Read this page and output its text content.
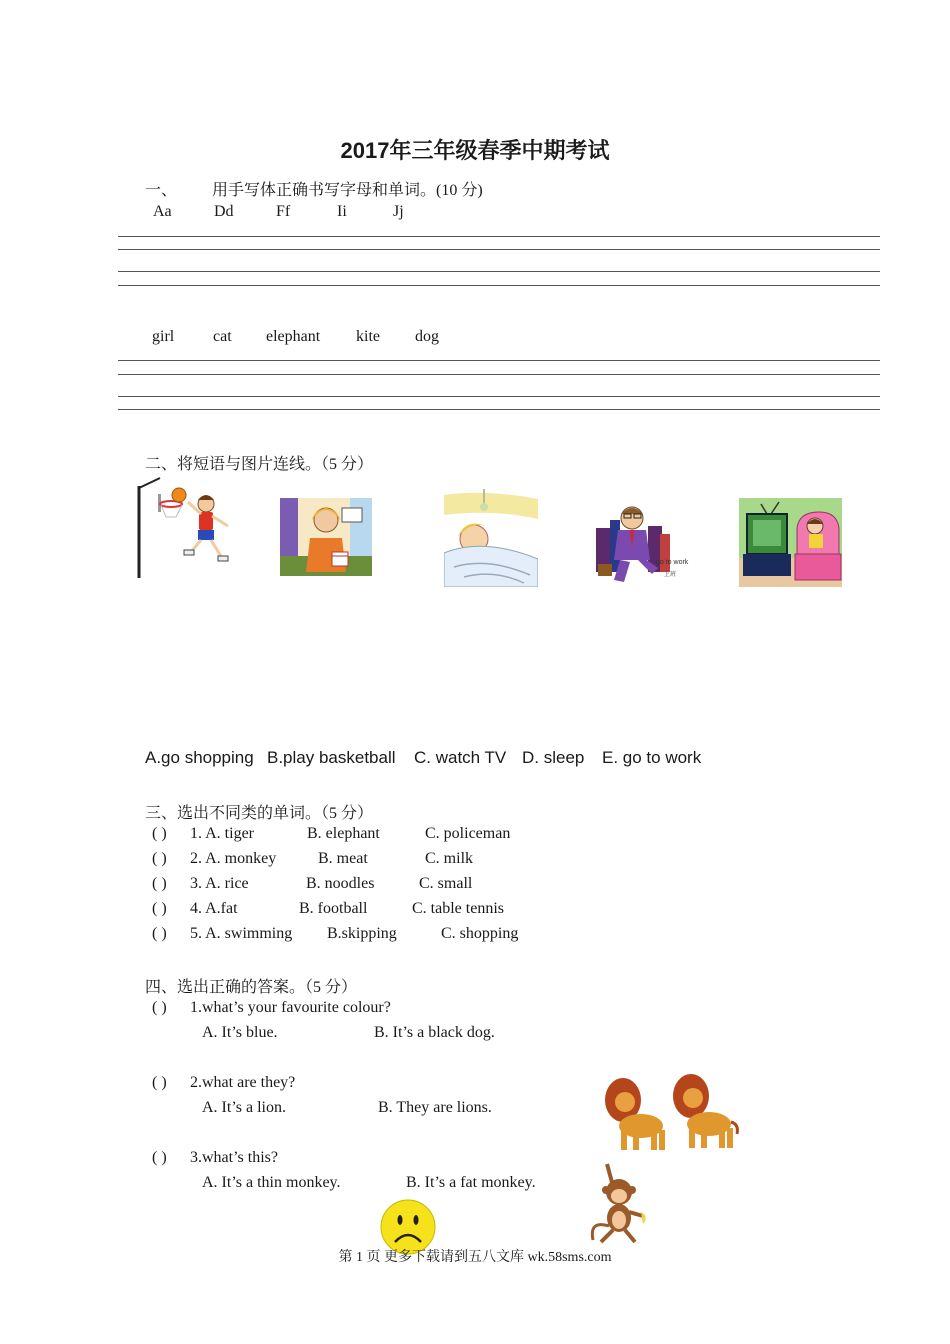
2017年三年级春季中期考试
一、 用手写体正确书写字母和单词。(10 分)
Aa	Dd	Ff	Ii	Jj
girl cat elephant kite dog
二、将短语与图片连线。（5 分）
go to work
上班
A.go shopping B.play basketball C. watch TV D. sleep E. go to work
三、选出不同类的单词。（5 分）
( ) 1. A. tiger	B. elephant	C. policeman
( ) 2. A. monkey	B. meat	C. milk
( ) 3. A. rice	B. noodles	C. small
( ) 4. A.fat	B. football	C. table tennis
( ) 5. A. swimming B.skipping	C. shopping
四、选出正确的答案。（5 分）
( ) 1.what’s your favourite colour?
A. It’s blue.	B. It’s a black dog.
( ) 2.what are they?
A. It’s a lion.	B. They are lions.
( ) 3.what’s this?
A. It’s a thin monkey.	B. It’s a fat monkey.
第 1 页 更多下载请到五八文库 wk.58sms.com
